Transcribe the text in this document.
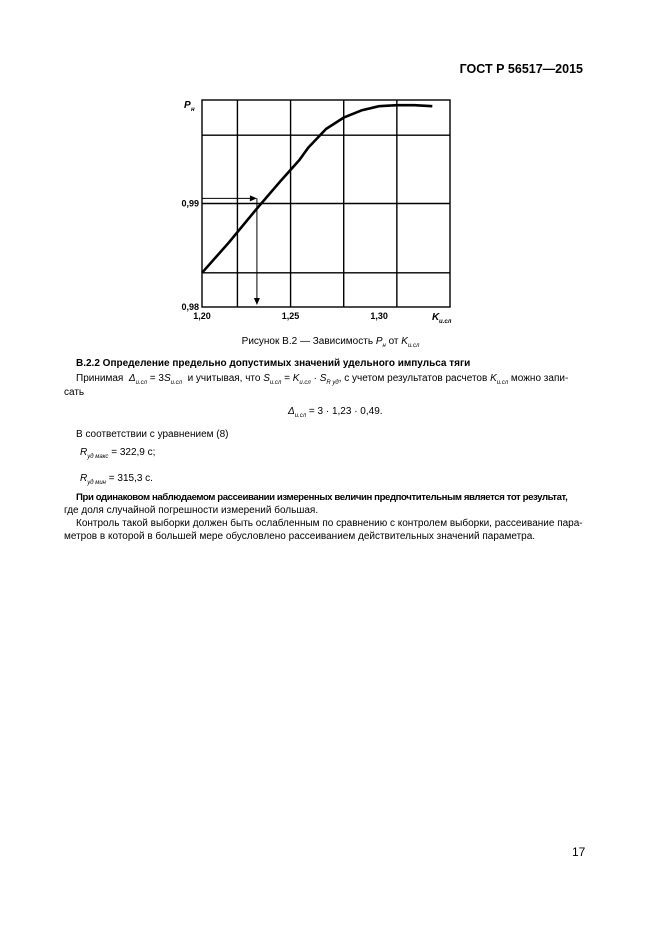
ГОСТ Р 56517—2015
1,20	1,25	1,30
0,98
0,99
P н
K и.сл
Рисунок В.2 — Зависимость $P_н$ от $K_{и.сл}$
В.2.2 Определение предельно допустимых значений удельного импульса тяги
Принимая $\Delta_{и.сл} = 3S_{и.сл}$ и учитывая, что $S_{и.сл} = K_{и.сл} \cdot S_{R уд}$, с учетом результатов расчетов $K_{и.сл}$ можно запи-
сать
$\Delta_{и.сл} = 3 \cdot 1,23 \cdot 0,49$.
В соответствии с уравнением (8)
$R_{уд макс} = 322,9$ с;
$R_{уд мин} = 315,3$ с.
При одинаковом наблюдаемом рассеивании измеренных величин предпочтительным является тот результат,
где доля случайной погрешности измерений большая.
Контроль такой выборки должен быть ослабленным по сравнению с контролем выборки, рассеивание пара-
метров в которой в большей мере обусловлено рассеиванием действительных значений параметра.
17
